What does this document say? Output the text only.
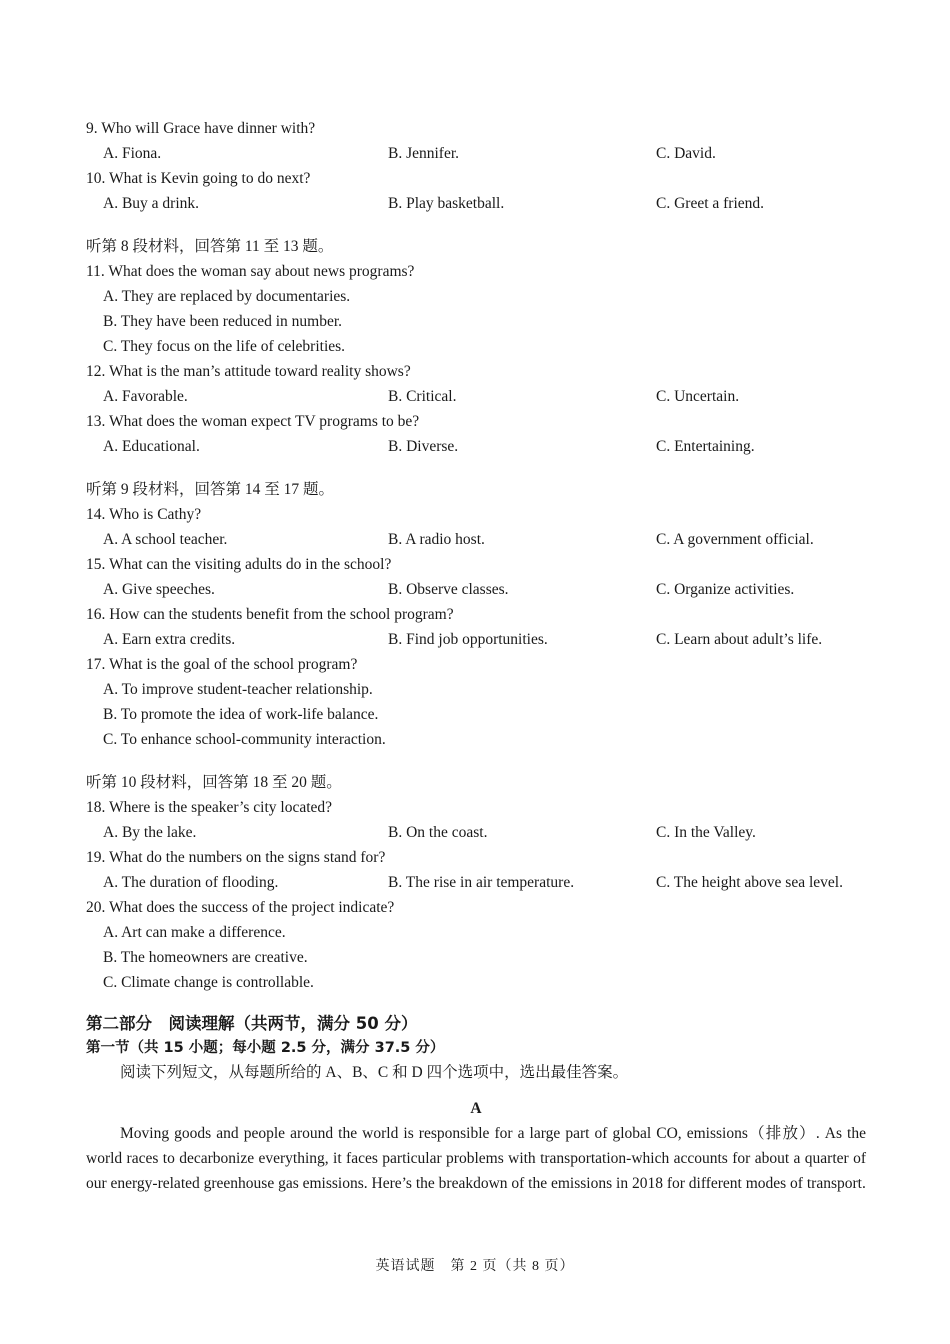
9. Who will Grace have dinner with?
A. Fiona.	B. Jennifer.	C. David.
10. What is Kevin going to do next?
A. Buy a drink.	B. Play basketball.	C. Greet a friend.
听第 8 段材料，回答第 11 至 13 题。
11. What does the woman say about news programs?
A. They are replaced by documentaries.
B. They have been reduced in number.
C. They focus on the life of celebrities.
12. What is the man’s attitude toward reality shows?
A. Favorable.	B. Critical.	C. Uncertain.
13. What does the woman expect TV programs to be?
A. Educational.	B. Diverse.	C. Entertaining.
听第 9 段材料，回答第 14 至 17 题。
14. Who is Cathy?
A. A school teacher.	B. A radio host.	C. A government official.
15. What can the visiting adults do in the school?
A. Give speeches.	B. Observe classes.	C. Organize activities.
16. How can the students benefit from the school program?
A. Earn extra credits.	B. Find job opportunities.	C. Learn about adult’s life.
17. What is the goal of the school program?
A. To improve student-teacher relationship.
B. To promote the idea of work-life balance.
C. To enhance school-community interaction.
听第 10 段材料，回答第 18 至 20 题。
18. Where is the speaker’s city located?
A. By the lake.	B. On the coast.	C. In the Valley.
19. What do the numbers on the signs stand for?
A. The duration of flooding.	B. The rise in air temperature.	C. The height above sea level.
20. What does the success of the project indicate?
A. Art can make a difference.
B. The homeowners are creative.
C. Climate change is controllable.
第二部分　阅读理解（共两节，满分 50 分）
第一节（共 15 小题；每小题 2.5 分，满分 37.5 分）
阅读下列短文，从每题所给的 A、B、C 和 D 四个选项中，选出最佳答案。
A

Moving goods and people around the world is responsible for a large part of global CO, emissions（排放）. As the world races to decarbonize everything, it faces particular problems with transportation-which accounts for about a quarter of our energy-related greenhouse gas emissions. Here’s the breakdown of the emissions in 2018 for different modes of transport.

英语试题　第 2 页（共 8 页）
